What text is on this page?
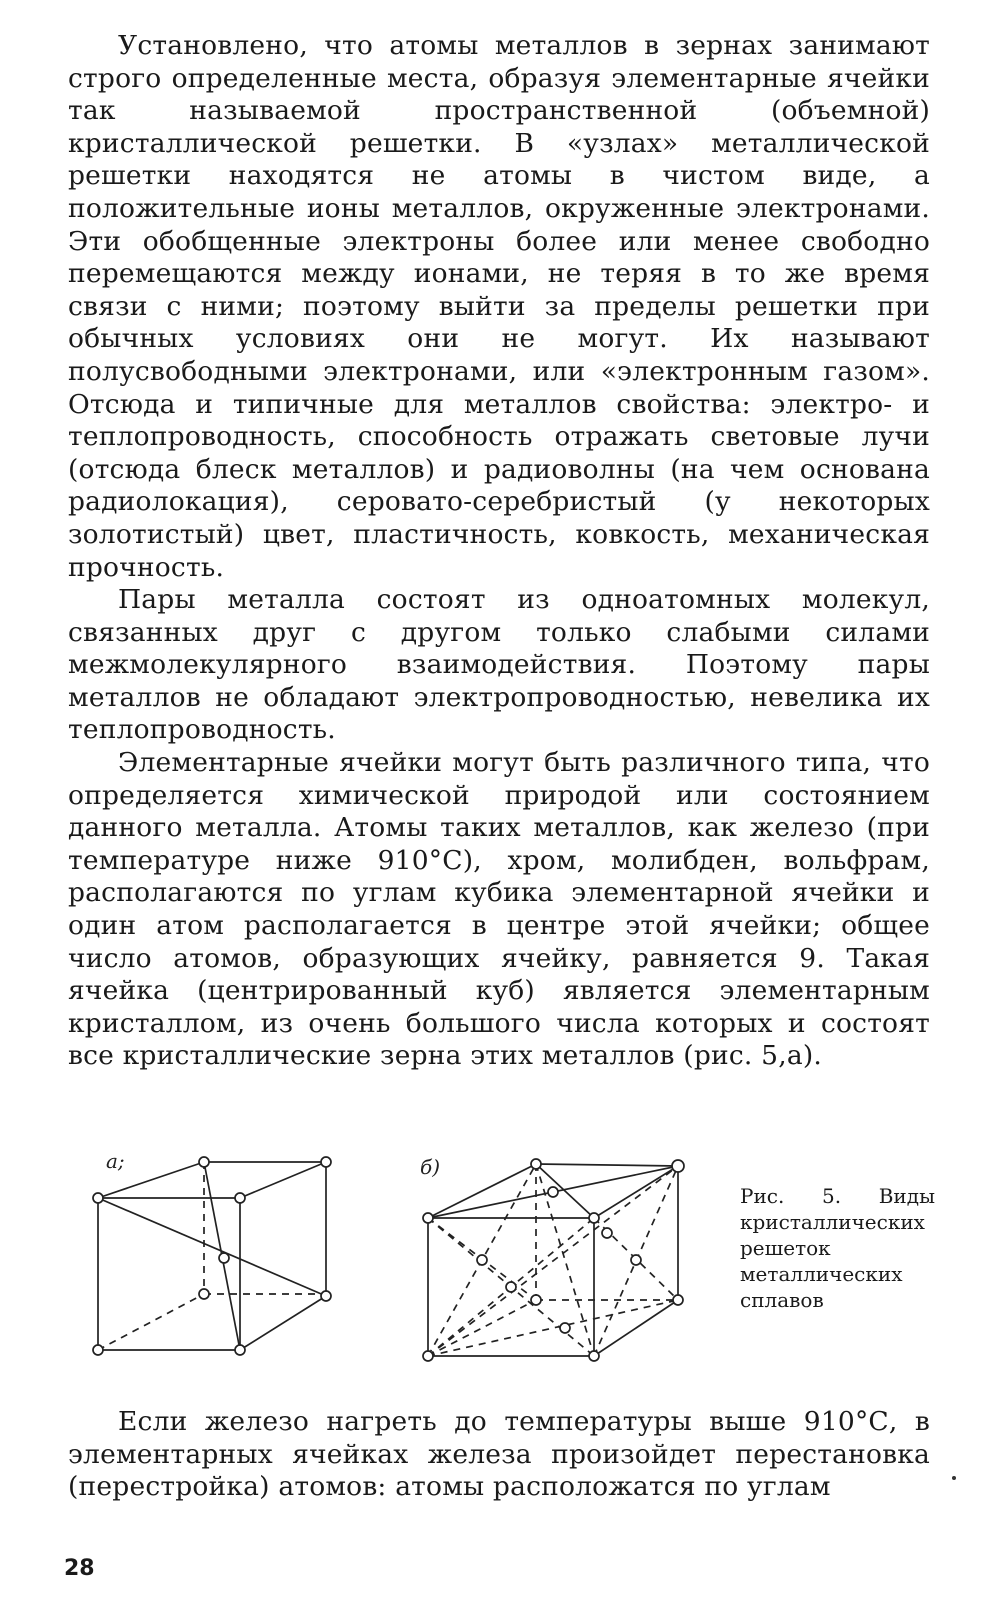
Установлено, что атомы металлов в зернах занимают строго определенные места, образуя элементарные ячейки так называемой пространственной (объемной) кристаллической решетки. В «узлах» металлической решетки находятся не атомы в чистом виде, а положительные ионы металлов, окруженные электронами. Эти обобщенные электроны более или менее свободно перемещаются между ионами, не теряя в то же время связи с ними; поэтому выйти за пределы решетки при обычных условиях они не могут. Их называют полусвободными электронами, или «электронным газом». Отсюда и типичные для металлов свойства: электро- и теплопроводность, способность отражать световые лучи (отсюда блеск металлов) и радиоволны (на чем основана радиолокация), серовато-серебристый (у некоторых золотистый) цвет, пластичность, ковкость, механическая прочность.

Пары металла состоят из одноатомных молекул, связанных друг с другом только слабыми силами межмолекулярного взаимодействия. Поэтому пары металлов не обладают электропроводностью, невелика их теплопроводность.

Элементарные ячейки могут быть различного типа, что определяется химической природой или состоянием данного металла. Атомы таких металлов, как железо (при температуре ниже 910°С), хром, молибден, вольфрам, располагаются по углам кубика элементарной ячейки и один атом располагается в центре этой ячейки; общее число атомов, образующих ячейку, равняется 9. Такая ячейка (центрированный куб) является элементарным кристаллом, из очень большого числа которых и состоят все кристаллические зерна этих металлов (рис. 5,а).

а;	б)

Рис. 5. Виды кристаллических решеток металлических сплавов

Если железо нагреть до температуры выше 910°С, в элементарных ячейках железа произойдет перестановка (перестройка) атомов: атомы расположатся по углам

28
